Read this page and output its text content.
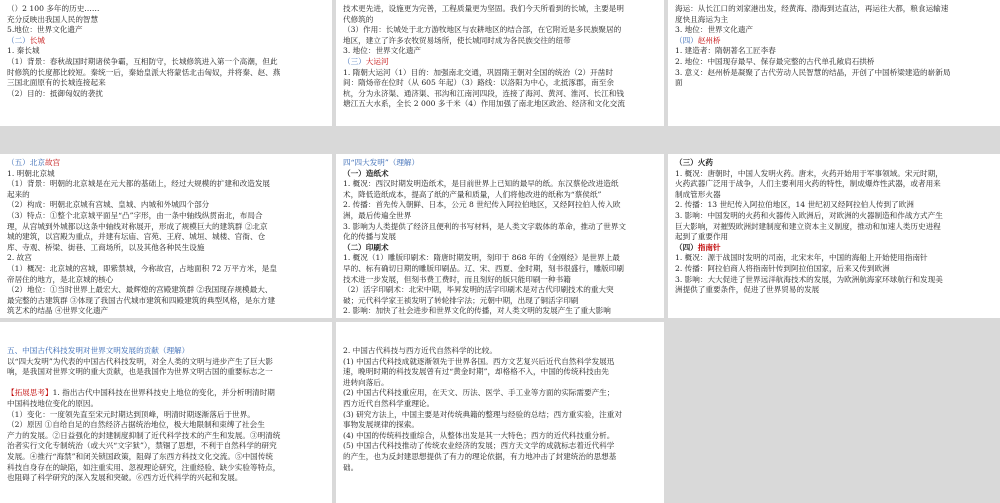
（）2 100 多年的历史……

充分反映出我国人民的智慧

5.地位：世界文化遗产

（二）长城

1. 秦长城

（1）背景：春秋战国时期诸侯争霸，互相防守，长城修筑进入第一个高潮，但此

时修筑的长度都比较短。秦统一后，秦始皇派大将蒙恬北击匈奴，并将秦、赵、燕

三国北面原有的长城连接起来

（2）目的：抵御匈奴的袭扰

技术更先进，设施更为完善，工程质量更为坚固。我们今天所看到的长城，主要是明

代修筑的

（3）作用：长城处于北方游牧地区与农耕地区的结合部，在它附近是多民族聚居的

地区，建立了许多农牧贸易场所，使长城同时成为各民族交往的纽带

3. 地位：世界文化遗产

（三）大运河

1. 隋朝大运河（1）目的：加强南北交通，巩固隋王朝对全国的统治（2）开凿时

间：隋炀帝在位时（从 605 年起）（3）路线：以洛阳为中心，北抵涿郡，南至余

杭，分为永济渠、通济渠、邗沟和江南河四段，连接了海河、黄河、淮河、长江和钱

塘江五大水系，全长 2 000 多千米（4）作用加强了南北地区政治、经济和文化交流

海运：从长江口的刘家港出发，经黄海、渤海到达直沽，再运往大都，粮食运输速

度快且海运为主

3. 地位：世界文化遗产

（四）赵州桥

1. 建造者：隋朝著名工匠李春

2. 地位：中国现存最早、保存最完整的古代单孔敞肩石拱桥

3. 意义：赵州桥是凝聚了古代劳动人民智慧的结晶，开创了中国桥梁建造的崭新局

面

（五）北京故宫

1. 明朝北京城

（1）背景：明朝的北京城是在元大都的基础上，经过大规模的扩建和改造发展

起来的

（2）构成：明朝北京城有宫城、皇城、内城和外城四个部分

（3）特点：①整个北京城平面呈“凸”字形，由一条中轴线纵贯南北，布局合

理，从宫城到外城都以这条中轴线对称展开，形成了规模巨大的建筑群 ②北京

城的建筑，以宫殿为重点，并建有坛庙、宫苑、王府、城垣、城楼、官衙、仓

库、寺观、桥梁、街巷、工商场所，以及其他各种民生设施

2. 故宫

（1）概况：北京城的宫城，即紫禁城，今称故宫，占地面积 72 万平方米，是皇

帝居住的地方，是北京城的核心

（2）地位：①当时世界上最宏大、最辉煌的宫殿建筑群 ②我国现存规模最大、

最完整的古建筑群 ③体现了我国古代城市建筑和四殿建筑的典型风格，是东方建

筑艺术的结晶 ④世界文化遗产

四“四大发明”（理解）

（一）造纸术

1. 概况：西汉时期发明造纸术，是目前世界上已知的最早的纸。东汉蔡伦改进造纸

术，降低造纸成本，提高了纸的产量和质量，人们将他改进的纸称为“蔡侯纸”

2. 传播：首先传入朝鲜、日本，公元 8 世纪传入阿拉伯地区，又经阿拉伯人传入欧

洲，最后传遍全世界

3. 影响为人类提供了经济且便利的书写材料，是人类文字载体的革命，推动了世界文

化的传播与发展

（二）印刷术

1. 概况（1）雕版印刷术：隋唐时期发明，刻印于 868 年的《金刚经》是世界上最

早的、标有确切日期的雕版印刷品。辽、宋、西夏、金时期，刻书很盛行，雕版印刷

技术进一步发展，但刻书费工费时，而且刻好的版只能印刷一种书籍

（2）活字印刷术：北宋中期，毕昇发明的活字印刷术是对古代印刷技术的重大突

破；元代科学家王祯发明了转轮排字法；元朝中期，出现了铜活字印刷

2. 影响：加快了社会进步和世界文化的传播，对人类文明的发展产生了重大影响

（三）火药

1. 概况：唐朝时，中国人发明火药。唐末，火药开始用于军事领域。宋元时期，

火药武器广泛用于战争，人们主要利用火药的特性，制成爆炸性武器，或者用来

制成管形火器

2. 传播：13 世纪传入阿拉伯地区，14 世纪初又经阿拉伯人传到了欧洲

3. 影响：中国发明的火药和火器传入欧洲后，对欧洲的火器制造和作战方式产生

巨大影响，对摧毁欧洲封建制度和建立资本主义制度，推动和加速人类历史进程

起到了重要作用

（四）指南针

1. 概况：源于战国时发明的司南，北宋末年，中国的海船上开始使用指南针

2. 传播：阿拉伯商人将指南针传到阿拉伯国家，后来又传到欧洲

3. 影响：大大促进了世界远洋航海技术的发展，为欧洲航海家环球航行和发现美

洲提供了重要条件，促进了世界贸易的发展

五、中国古代科技发明对世界文明发展的贡献（理解）

以“四大发明”为代表的中国古代科技发明，对全人类的文明与进步产生了巨大影

响，是我国对世界文明的重大贡献，也是我国作为世界文明古国的重要标志之一

【拓展思考】1. 指出古代中国科技在世界科技史上地位的变化，并分析明清时期

中国科技地位变化的原因。

（1）变化：一度领先直至宋元时期达到顶峰，明清时期逐渐落后于世界。

（2）原因 ①自给自足的自然经济占据统治地位，极大地限制和束缚了社会生

产力的发展。②日益强化的封建制度抑制了近代科学技术的产生和发展。③明清统

治者实行文化专制统治（或大兴“文字狱”），禁锢了思想，不利于自然科学的研究

发展。④推行“海禁”和闭关锁国政策，阻碍了东西方科技文化交流。⑤中国传统

科技自身存在的缺陷，如注重实用、忽视理论研究，注重经验、缺少实验等特点，

也阻碍了科学研究的深入发展和突破。⑥西方近代科学的兴起和发展。

2. 中国古代科技与西方近代自然科学的比较。

(1) 中国古代科技成就逐渐领先于世界各国。西方文艺复兴后近代自然科学发展迅

速，晚明时期的科技发展曾有过“黄金时期”，却格格不入，中国的传统科技由先

进转向落后。

(2) 中国古代科技重应用，在天文、历法、医学、手工业等方面的实际需要产生；

西方近代自然科学重理论。

(3) 研究方法上，中国主要是对传统典籍的整理与经验的总结；西方重实验，注重对

事物发展规律的探索。

(4) 中国的传统科技重综合，从整体出发是其一大特色；西方的近代科技重分析。

(5) 中国古代科技推动了传统农业经济的发展；西方天文学的成就标志着近代科学

的产生，也为反封建思想提供了有力的理论依据，有力地冲击了封建统治的思想基

础。
